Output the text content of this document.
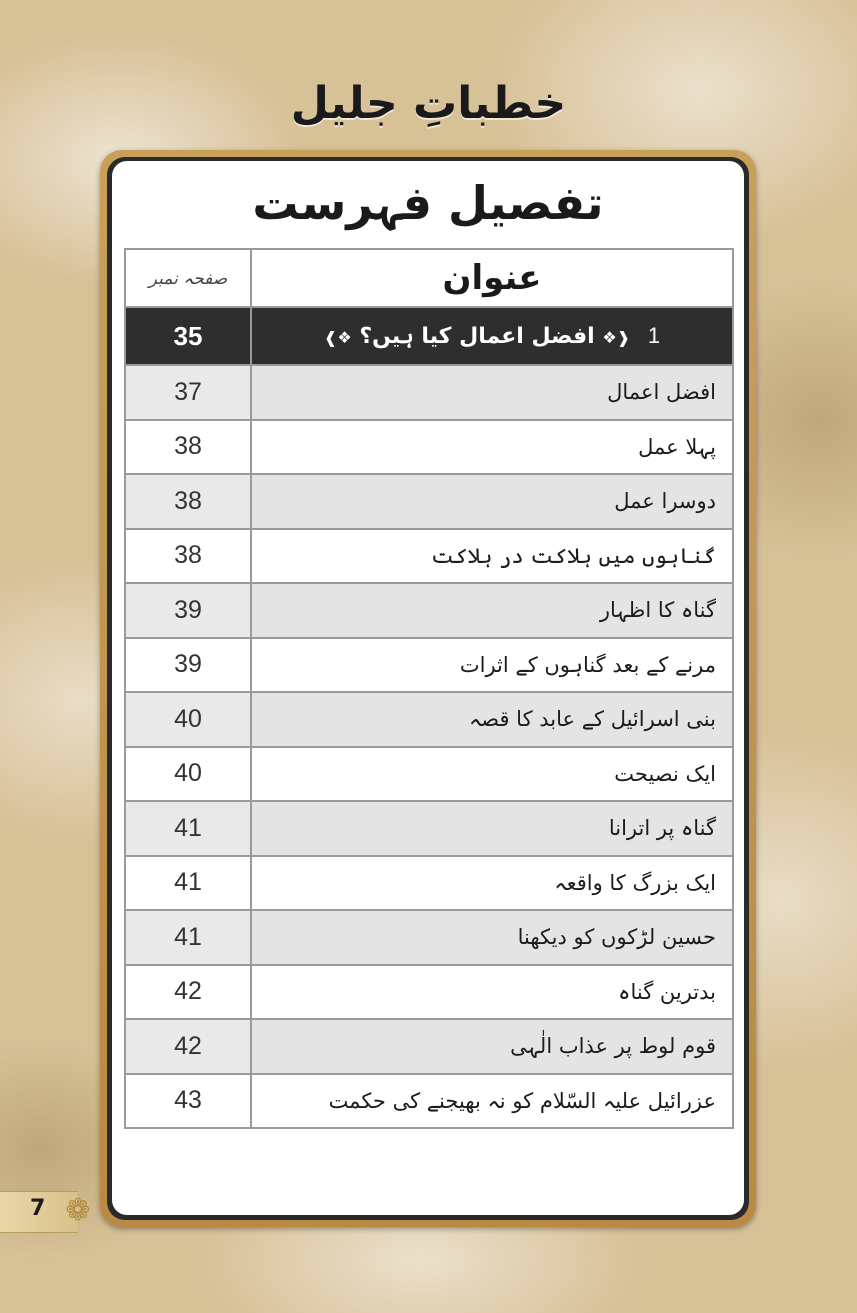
خطباتِ جلیل
تفصیل فہرست
صفحہ نمبر	عنوان
35	1 ❰❖ افضل اعمال کیا ہیں؟ ❖❱
37	افضل اعمال
38	پہلا عمل
38	دوسرا عمل
38	گناہوں میں ہلاکت در ہلاکت
39	گناہ کا اظہار
39	مرنے کے بعد گناہوں کے اثرات
40	بنی اسرائیل کے عابد کا قصہ
40	ایک نصیحت
41	گناہ پر اترانا
41	ایک بزرگ کا واقعہ
41	حسین لڑکوں کو دیکھنا
42	بدترین گناہ
42	قوم لوط پر عذاب الٰہی
43	عزرائیل علیہ السّلام کو نہ بھیجنے کی حکمت
7 ❁
